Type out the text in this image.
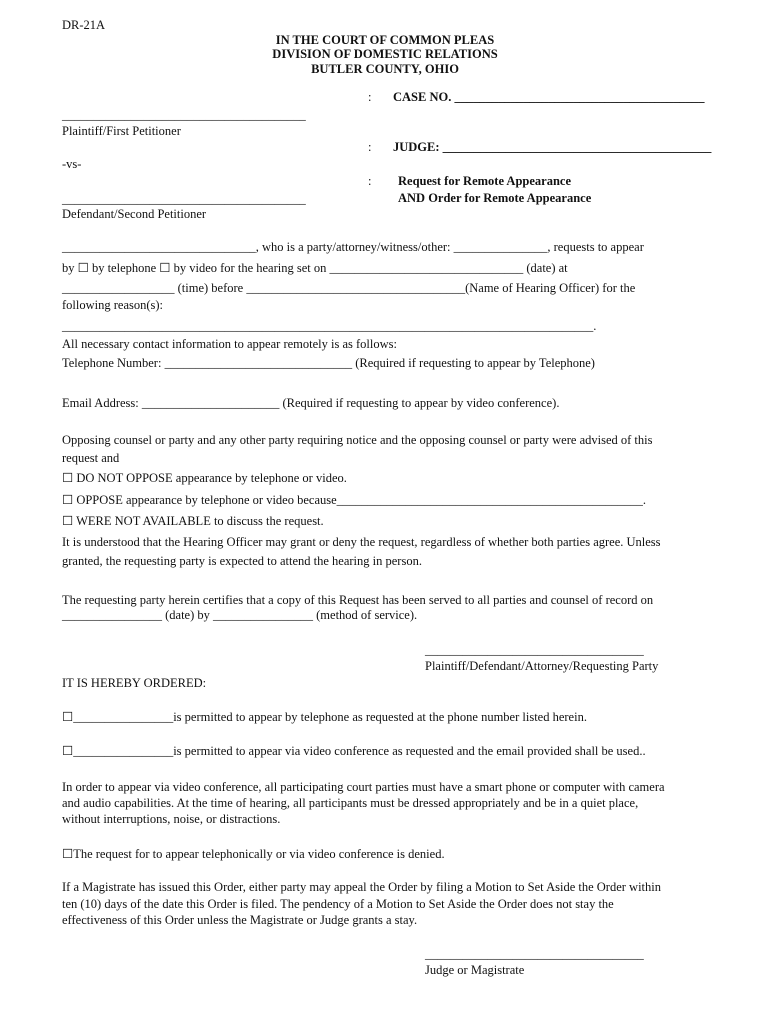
DR-21A
IN THE COURT OF COMMON PLEAS
DIVISION OF DOMESTIC RELATIONS
BUTLER COUNTY, OHIO
: CASE NO. ________________________________________
_______________________________________
Plaintiff/First Petitioner
: JUDGE: ___________________________________________
-vs-
: Request for Remote Appearance
AND Order for Remote Appearance
_______________________________________
Defendant/Second Petitioner
_______________________________, who is a party/attorney/witness/other: _______________, requests to appear
by ☐ by telephone ☐ by video for the hearing set on _______________________________ (date) at
__________________ (time) before ___________________________________(Name of Hearing Officer) for the
following reason(s):
_____________________________________________________________________________________.
All necessary contact information to appear remotely is as follows:
Telephone Number: ______________________________ (Required if requesting to appear by Telephone)
Email Address: ______________________ (Required if requesting to appear by video conference).
Opposing counsel or party and any other party requiring notice and the opposing counsel or party were advised of this
request and
☐ DO NOT OPPOSE appearance by telephone or video.
☐ OPPOSE appearance by telephone or video because_________________________________________________.
☐ WERE NOT AVAILABLE to discuss the request.
It is understood that the Hearing Officer may grant or deny the request, regardless of whether both parties agree. Unless
granted, the requesting party is expected to attend the hearing in person.
The requesting party herein certifies that a copy of this Request has been served to all parties and counsel of record on
________________ (date) by ________________ (method of service).
___________________________________
Plaintiff/Defendant/Attorney/Requesting Party
IT IS HEREBY ORDERED:
☐________________is permitted to appear by telephone as requested at the phone number listed herein.
☐________________is permitted to appear via video conference as requested and the email provided shall be used..
In order to appear via video conference, all participating court parties must have a smart phone or computer with camera
and audio capabilities. At the time of hearing, all participants must be dressed appropriately and be in a quiet place,
without interruptions, noise, or distractions.
☐The request for to appear telephonically or via video conference is denied.
If a Magistrate has issued this Order, either party may appeal the Order by filing a Motion to Set Aside the Order within
ten (10) days of the date this Order is filed. The pendency of a Motion to Set Aside the Order does not stay the
effectiveness of this Order unless the Magistrate or Judge grants a stay.
___________________________________
Judge or Magistrate
